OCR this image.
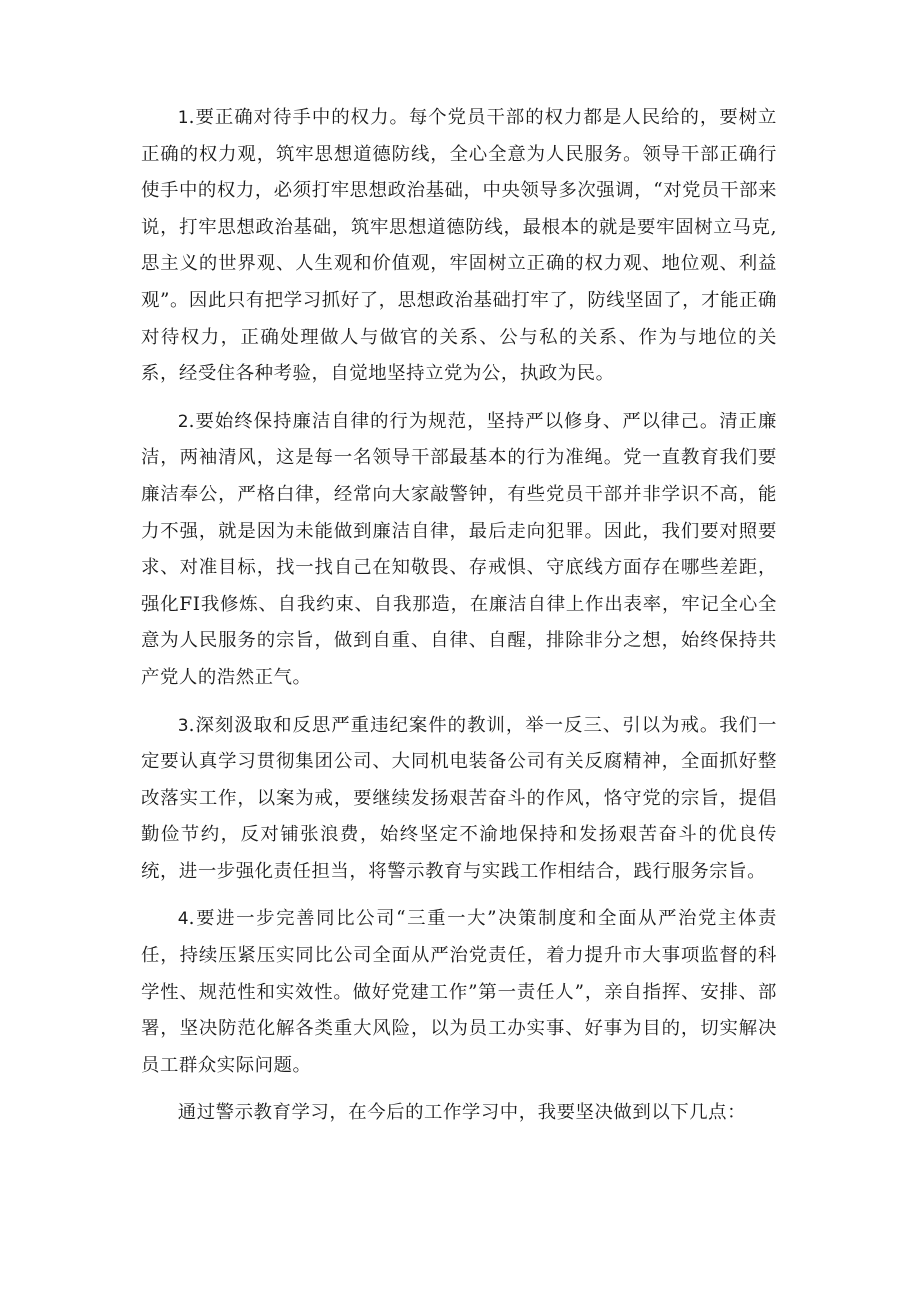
1.要正确对待手中的权力。每个党员干部的权力都是人民给的，要树立正确的权力观，筑牢思想道德防线，全心全意为人民服务。领导干部正确行使手中的权力，必须打牢思想政治基础，中央领导多次强调，“对党员干部来说，打牢思想政治基础，筑牢思想道德防线，最根本的就是要牢固树立马克,思主义的世界观、人生观和价值观，牢固树立正确的权力观、地位观、利益观”。因此只有把学习抓好了，思想政治基础打牢了，防线坚固了，才能正确对待权力，正确处理做人与做官的关系、公与私的关系、作为与地位的关系，经受住各种考验，自觉地坚持立党为公，执政为民。

2.要始终保持廉洁自律的行为规范，坚持严以修身、严以律己。清正廉洁，两袖清风，这是每一名领导干部最基本的行为准绳。党一直教育我们要廉洁奉公，严格白律，经常向大家敲警钟，有些党员干部并非学识不高，能力不强，就是因为未能做到廉洁自律，最后走向犯罪。因此，我们要对照要求、对准目标，找一找自己在知敬畏、存戒惧、守底线方面存在哪些差距，强化FI我修炼、自我约束、自我那造，在廉洁自律上作出表率，牢记全心全意为人民服务的宗旨，做到自重、自律、自醒，排除非分之想，始终保持共产党人的浩然正气。

3.深刻汲取和反思严重违纪案件的教训，举一反三、引以为戒。我们一定要认真学习贯彻集团公司、大同机电装备公司有关反腐精神，全面抓好整改落实工作，以案为戒，要继续发扬艰苦奋斗的作风，恪守党的宗旨，提倡勤俭节约，反对铺张浪费，始终坚定不渝地保持和发扬艰苦奋斗的优良传统，进一步强化责任担当，将警示教育与实践工作相结合，践行服务宗旨。

4.要进一步完善同比公司“三重一大”决策制度和全面从严治党主体责任，持续压紧压实同比公司全面从严治党责任，着力提升市大事项监督的科学性、规范性和实效性。做好党建工作”第一责任人”，亲自指挥、安排、部署，坚决防范化解各类重大风险，以为员工办实事、好事为目的，切实解决员工群众实际问题。

通过警示教育学习，在今后的工作学习中，我要坚决做到以下几点：
